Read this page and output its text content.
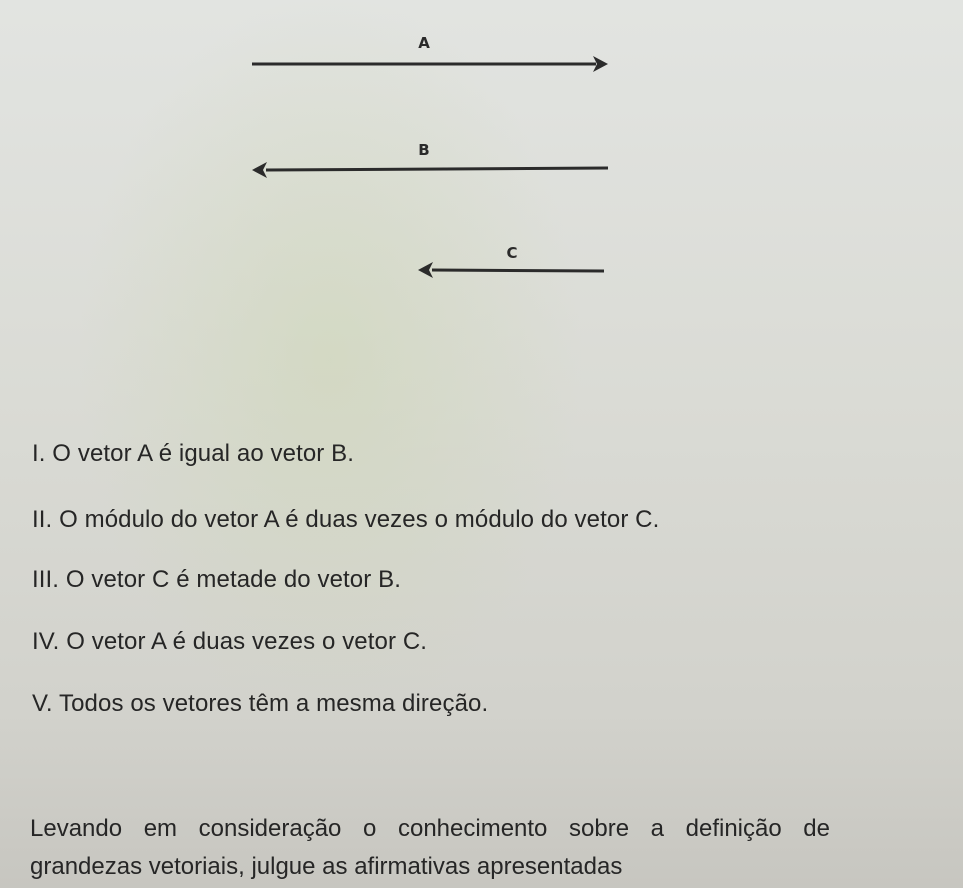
A
B
C
I. O vetor A é igual ao vetor B.
II. O módulo do vetor A é duas vezes o módulo do vetor C.
III. O vetor C é metade do vetor B.
IV. O vetor A é duas vezes o vetor C.
V. Todos os vetores têm a mesma direção.
Levando em consideração o conhecimento sobre a definição de
grandezas vetoriais, julgue as afirmativas apresentadas
